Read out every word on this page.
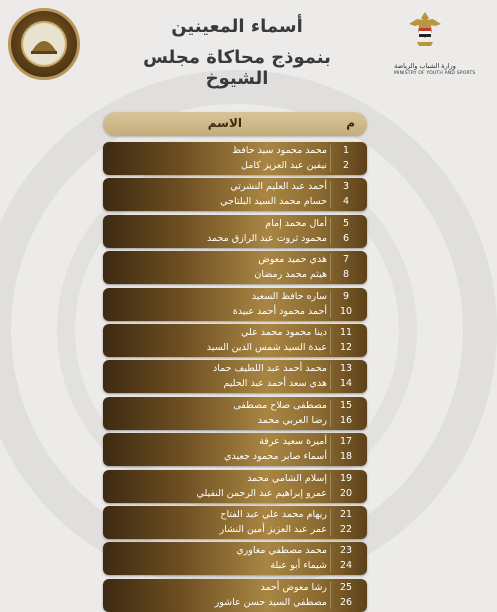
أسماء المعينين
بنموذج محاكاة مجلس الشيوخ
وزارة الشباب والرياضة
MINISTRY OF YOUTH AND SPORTS
م
الاسم
1
محمد محمود سيد حافظ
2
نيفين عبد العزيز كامل
3
أحمد عبد العليم النشرتي
4
حسام محمد السيد البلتاجي
5
أمال محمد إمام
6
محمود ثروت عبد الرازق محمد
7
هدي حميد معوض
8
هيثم محمد رمضان
9
ساره حافظ السعيد
10
أحمد محمود أحمد عبيدة
11
دينا محمود محمد علي
12
عبدة السيد شمس الدين السيد
13
محمد أحمد عبد اللطيف حماد
14
هدي سعد أحمد عبد الحليم
15
مصطفى صلاح مصطفى
16
رضا العربي محمد
17
أميرة سعيد عرفة
18
أسماء صابر محمود جعيدي
19
إسلام الشامي محمد
20
عمرو إبراهيم عبد الرحمن النفيلي
21
ريهام محمد علي عبد الفتاح
22
عمر عبد العزيز أمين النشار
23
محمد مصطفي مغاوري
24
شيماء أبو عبلة
25
رشا معوض أحمد
26
مصطفي السيد حسن عاشور
